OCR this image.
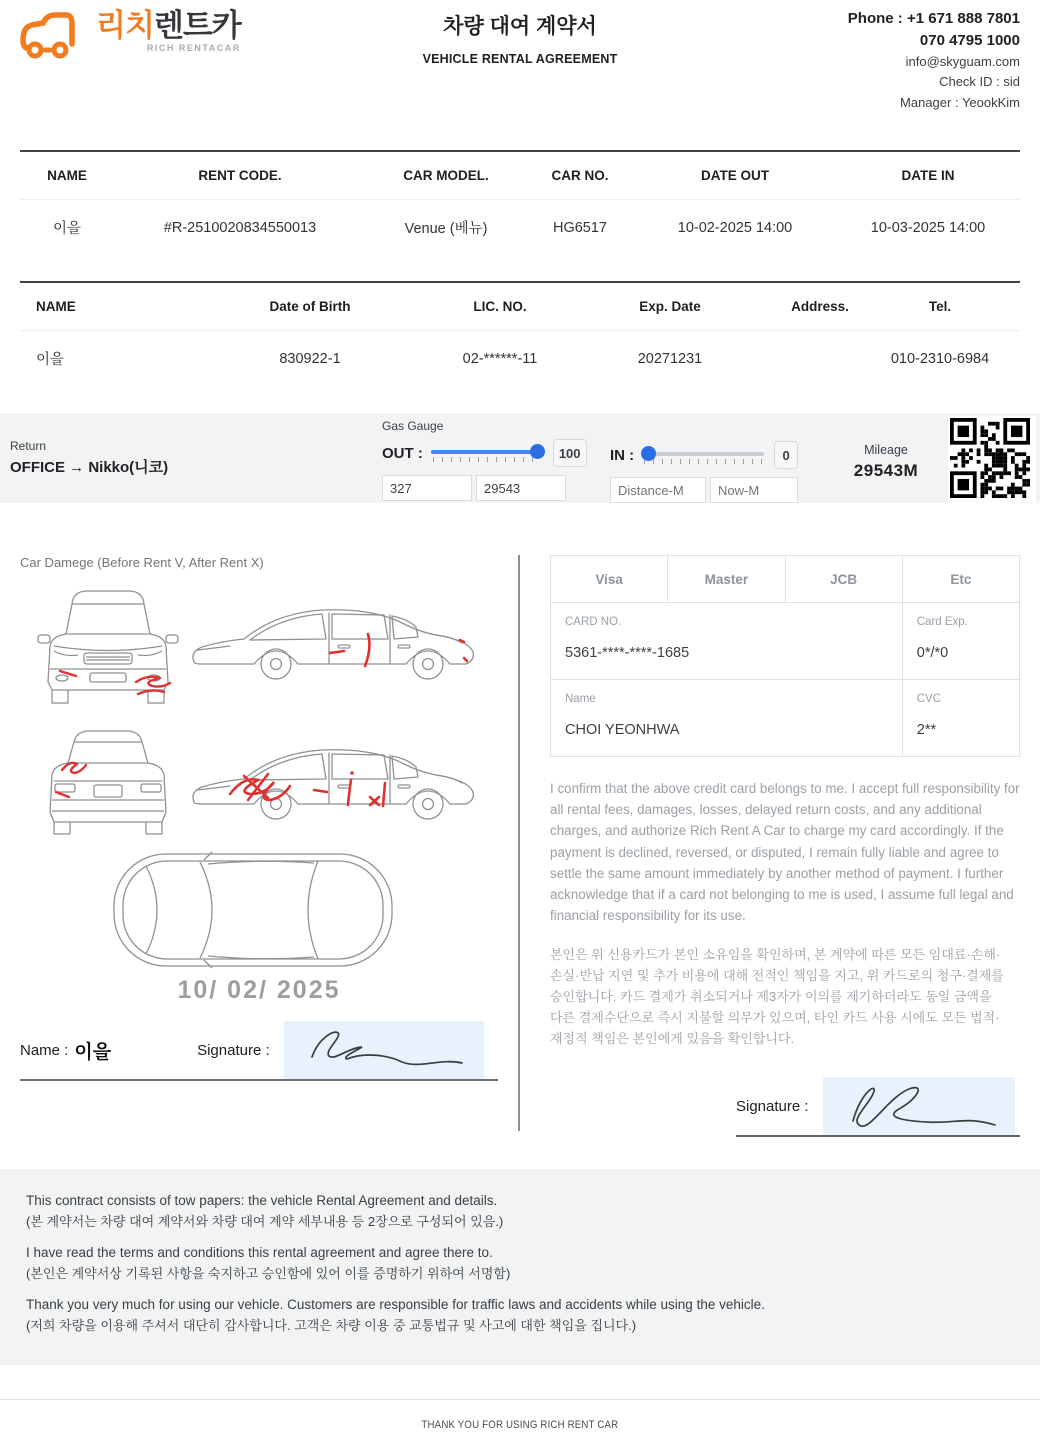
리치렌트카
RICH RENTACAR
차량 대여 계약서
VEHICLE RENTAL AGREEMENT
Phone : +1 671 888 7801
070 4795 1000
info@skyguam.com
Check ID : sid
Manager : YeookKim
NAME	RENT CODE.	CAR MODEL.	CAR NO.	DATE OUT	DATE IN
이을	#R-2510020834550013	Venue (베뉴)	HG6517	10-02-2025 14:00	10-03-2025 14:00
NAME	Date of Birth	LIC. NO.	Exp. Date	Address.	Tel.
이을	830922-1	02-******-11	20271231		010-2310-6984
Return
OFFICE → Nikko(니코)
Gas Gauge
OUT :	100
327
29543	IN :	0
Distance-M
Now-M	Mileage
29543M
Car Damege (Before Rent V, After Rent X)
10/ 02/ 2025
Name : 이을	Signature :
Visa	Master	JCB	Etc

CARD NO.
5361-****-****-1685

Card Exp.
0*/*0

Name
CHOI YEONHWA

CVC
2**

I confirm that the above credit card belongs to me. I accept full responsibility for all rental fees, damages, losses, delayed return costs, and any additional charges, and authorize Rich Rent A Car to charge my card accordingly. If the payment is declined, reversed, or disputed, I remain fully liable and agree to settle the same amount immediately by another method of payment. I further acknowledge that if a card not belonging to me is used, I assume full legal and financial responsibility for its use.

본인은 위 신용카드가 본인 소유임을 확인하며, 본 계약에 따른 모든 임대료·손해·손실·반납 지연 및 추가 비용에 대해 전적인 책임을 지고, 위 카드로의 청구·결제를 승인합니다. 카드 결제가 취소되거나 제3자가 이의를 제기하더라도 동일 금액을 다른 결제수단으로 즉시 지불할 의무가 있으며, 타인 카드 사용 시에도 모든 법적·재정적 책임은 본인에게 있음을 확인합니다.

Signature :

This contract consists of tow papers: the vehicle Rental Agreement and details.

(본 계약서는 차량 대여 계약서와 차량 대여 계약 세부내용 등 2장으로 구성되어 있음.)

I have read the terms and conditions this rental agreement and agree there to.

(본인은 계약서상 기록된 사항을 숙지하고 승인함에 있어 이를 증명하기 위하여 서명함)

Thank you very much for using our vehicle. Customers are responsible for traffic laws and accidents while using the vehicle.

(저희 차량을 이용해 주셔서 대단히 감사합니다. 고객은 차량 이용 중 교통법규 및 사고에 대한 책임을 집니다.)

THANK YOU FOR USING RICH RENT CAR
